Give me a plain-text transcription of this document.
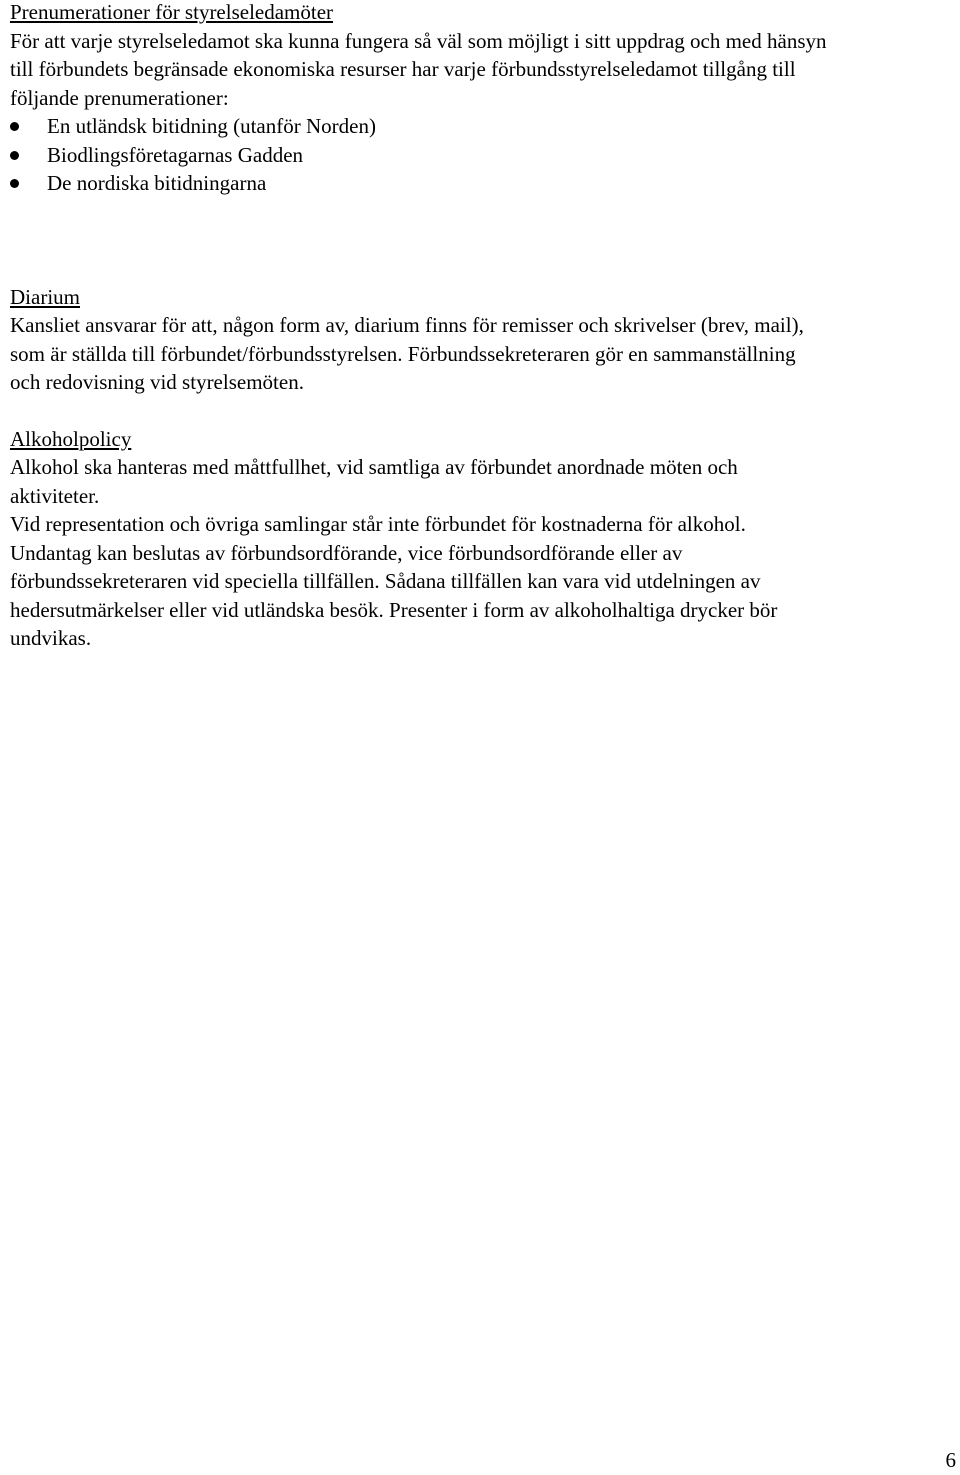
Prenumerationer för styrelseledamöter

För att varje styrelseledamot ska kunna fungera så väl som möjligt i sitt uppdrag och med hänsyn

till förbundets begränsade ekonomiska resurser har varje förbundsstyrelseledamot tillgång till

följande prenumerationer:

En utländsk bitidning (utanför Norden)
Biodlingsföretagarnas Gadden
De nordiska bitidningarna
Diarium

Kansliet ansvarar för att, någon form av, diarium finns för remisser och skrivelser (brev, mail),

som är ställda till förbundet/förbundsstyrelsen. Förbundssekreteraren gör en sammanställning

och redovisning vid styrelsemöten.

Alkoholpolicy

Alkohol ska hanteras med måttfullhet, vid samtliga av förbundet anordnade möten och

aktiviteter.

Vid representation och övriga samlingar står inte förbundet för kostnaderna för alkohol.

Undantag kan beslutas av förbundsordförande, vice förbundsordförande eller av

förbundssekreteraren vid speciella tillfällen. Sådana tillfällen kan vara vid utdelningen av

hedersutmärkelser eller vid utländska besök. Presenter i form av alkoholhaltiga drycker bör

undvikas.

6
